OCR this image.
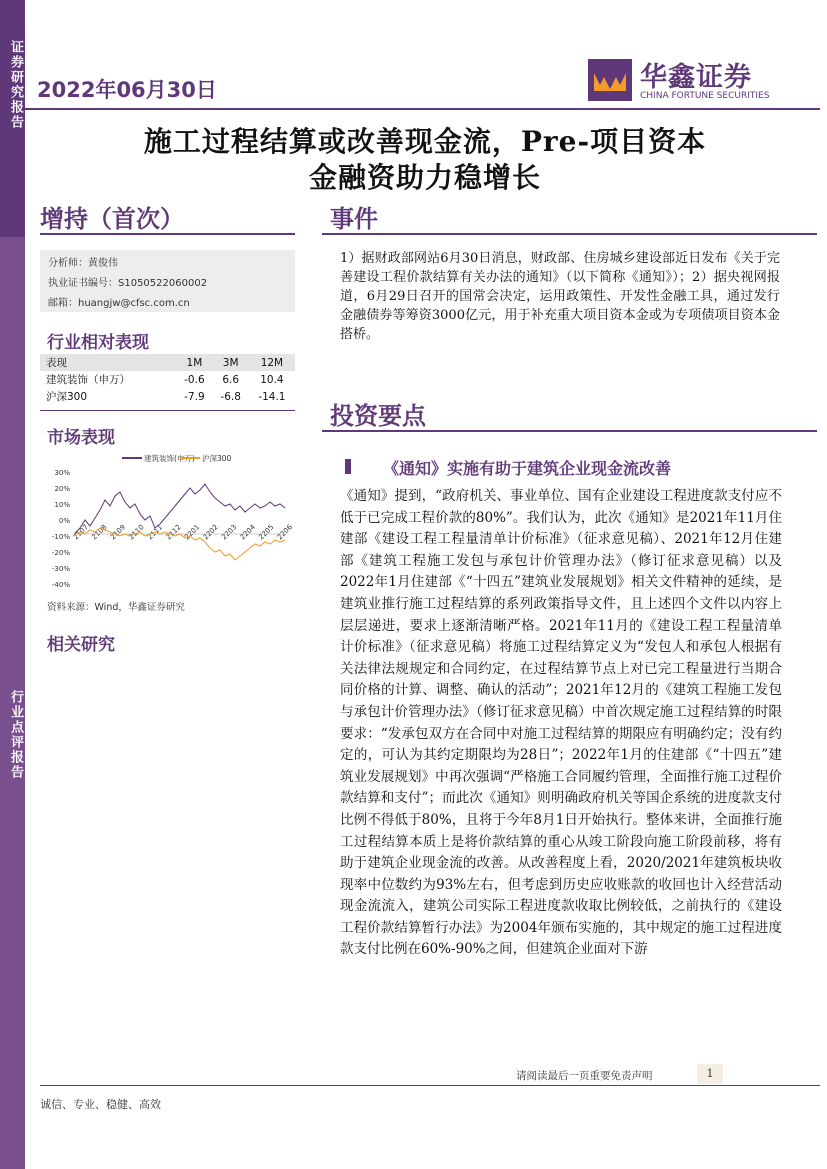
证券研究报告
行业点评报告
2022年06月30日	华鑫证券
CHINA FORTUNE SECURITIES
施工过程结算或改善现金流，Pre-项目资本
金融资助力稳增长
增持（首次）	事件
分析师：黄俊伟
执业证书编号：S1050522060002
邮箱：huangjw@cfsc.com.cn
行业相对表现
表现	1M	3M	12M
建筑装饰（申万）	-0.6	6.6	10.4
沪深300	-7.9	-6.8	-14.1
市场表现
建筑装饰(申万) 沪深300
30%
20%
10%
0%
-10%
-20%
-30%
-40%
2107 2108 2109 2110 2111 2112 2201 2202 2203 2204 2205 2206
资料来源：Wind，华鑫证券研究
相关研究
1）据财政部网站6月30日消息，财政部、住房城乡建设部近日发布《关于完善建设工程价款结算有关办法的通知》（以下简称《通知》）；2）据央视网报道，6月29日召开的国常会决定，运用政策性、开发性金融工具，通过发行金融债券等筹资3000亿元，用于补充重大项目资本金或为专项债项目资本金搭桥。
投资要点
《通知》实施有助于建筑企业现金流改善
《通知》提到，“政府机关、事业单位、国有企业建设工程进度款支付应不低于已完成工程价款的80%”。我们认为，此次《通知》是2021年11月住建部《建设工程工程量清单计价标准》（征求意见稿）、2021年12月住建部《建筑工程施工发包与承包计价管理办法》（修订征求意见稿）以及2022年1月住建部《“十四五”建筑业发展规划》相关文件精神的延续，是建筑业推行施工过程结算的系列政策指导文件，且上述四个文件以内容上层层递进，要求上逐渐清晰严格。2021年11月的《建设工程工程量清单计价标准》（征求意见稿）将施工过程结算定义为“发包人和承包人根据有关法律法规规定和合同约定，在过程结算节点上对已完工程量进行当期合同价格的计算、调整、确认的活动”；2021年12月的《建筑工程施工发包与承包计价管理办法》（修订征求意见稿）中首次规定施工过程结算的时限要求：“发承包双方在合同中对施工过程结算的期限应有明确约定；没有约定的，可认为其约定期限均为28日”；2022年1月的住建部《“十四五”建筑业发展规划》中再次强调“严格施工合同履约管理，全面推行施工过程价款结算和支付”；而此次《通知》则明确政府机关等国企系统的进度款支付比例不得低于80%，且将于今年8月1日开始执行。整体来讲，全面推行施工过程结算本质上是将价款结算的重心从竣工阶段向施工阶段前移，将有助于建筑企业现金流的改善。从改善程度上看，2020/2021年建筑板块收现率中位数约为93%左右，但考虑到历史应收账款的收回也计入经营活动现金流流入，建筑公司实际工程进度款收取比例较低，之前执行的《建设工程价款结算暂行办法》为2004年颁布实施的，其中规定的施工过程进度款支付比例在60%-90%之间，但建筑企业面对下游
请阅读最后一页重要免责声明	1
诚信、专业、稳健、高效
